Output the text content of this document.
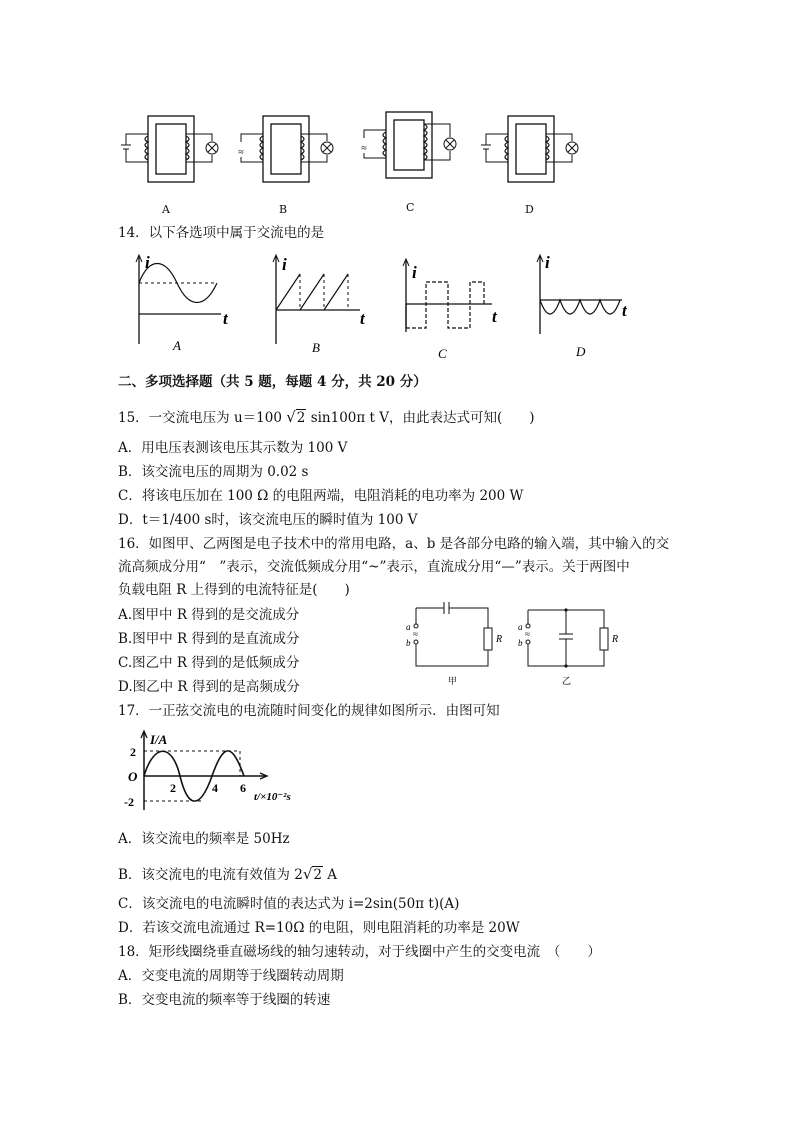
≈	≈
A	B	C	D
14．以下各选项中属于交流电的是
i
t
A
i
t
B
i
t
C
i
t
D
二、多项选择题（共 5 题，每题 4 分，共 20 分）
15．一交流电压为 u＝100 √2 sin100π t V，由此表达式可知(　　)
A．用电压表测该电压其示数为 100 V
B．该交流电压的周期为 0.02 s
C．将该电压加在 100 Ω 的电阻两端，电阻消耗的电功率为 200 W
D．t＝1/400 s时，该交流电压的瞬时值为 100 V
16．如图甲、乙两图是电子技术中的常用电路，a、b 是各部分电路的输入端，其中输入的交
流高频成分用“　”表示，交流低频成分用“~”表示，直流成分用“—”表示。关于两图中
负载电阻 R 上得到的电流特征是(　　)
A.图甲中 R 得到的是交流成分
B.图甲中 R 得到的是直流成分
C.图乙中 R 得到的是低频成分
D.图乙中 R 得到的是高频成分
a
≈
b	R
甲
a
≈
b	R
乙
17．一正弦交流电的电流随时间变化的规律如图所示．由图可知
I/A
O
2
-2
2	4 6
t/×10⁻²s
A．该交流电的频率是 50Hz
B．该交流电的电流有效值为 2√2 A
C．该交流电的电流瞬时值的表达式为 i=2sin(50π t)(A)
D．若该交流电流通过 R=10Ω 的电阻，则电阻消耗的功率是 20W
18．矩形线圈绕垂直磁场线的轴匀速转动，对于线圈中产生的交变电流　（　　）
A．交变电流的周期等于线圈转动周期
B．交变电流的频率等于线圈的转速
